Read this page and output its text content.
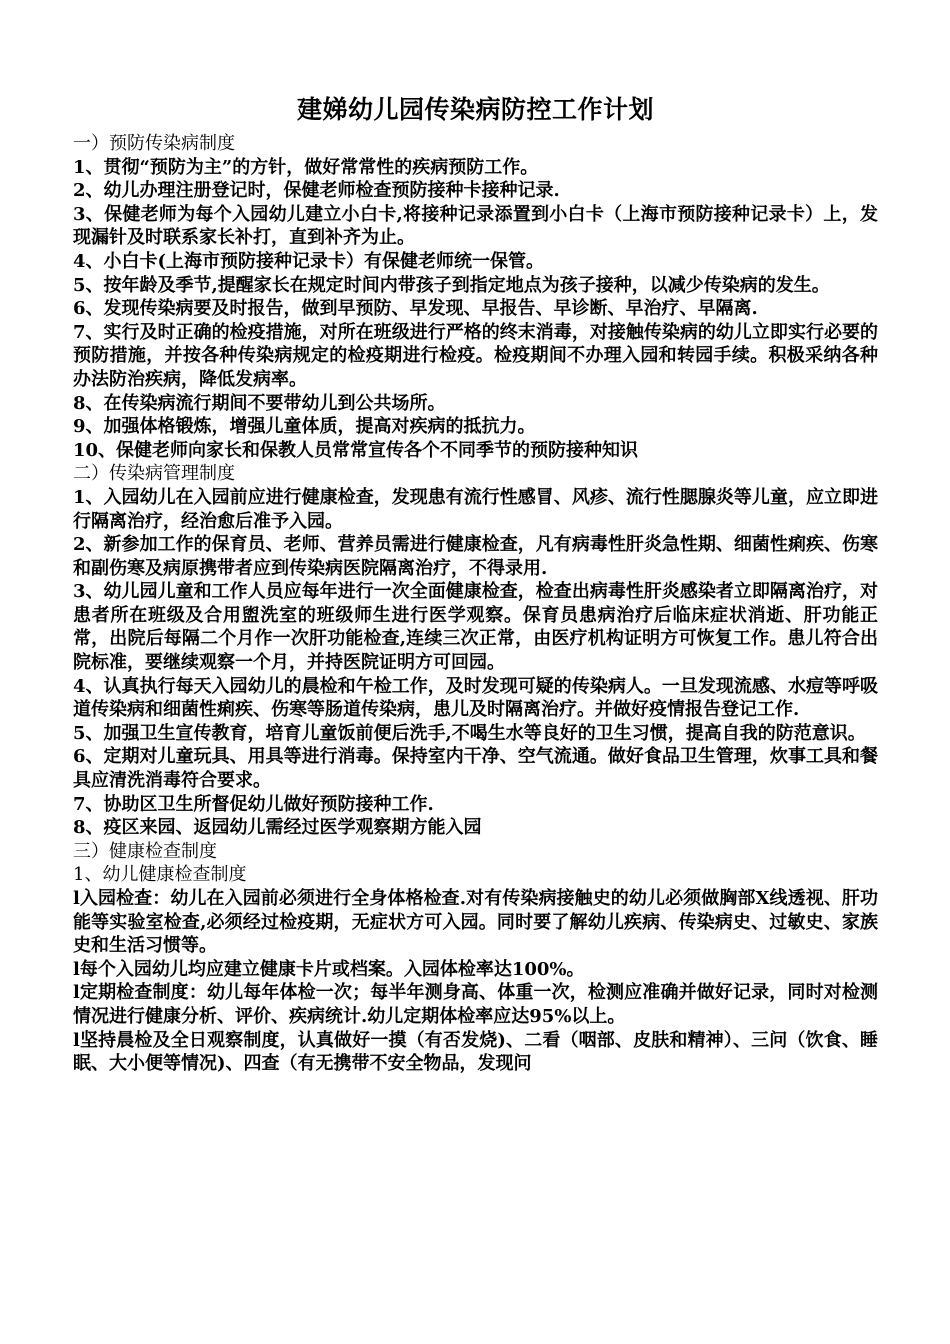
建娣幼儿园传染病防控工作计划
一）预防传染病制度
1、贯彻“预防为主”的方针，做好常常性的疾病预防工作。
2、幼儿办理注册登记时，保健老师检查预防接种卡接种记录.
3、保健老师为每个入园幼儿建立小白卡,将接种记录添置到小白卡（上海市预防接种记录卡）上，发现漏针及时联系家长补打，直到补齐为止。
4、小白卡(上海市预防接种记录卡）有保健老师统一保管。
5、按年龄及季节,提醒家长在规定时间内带孩子到指定地点为孩子接种，以减少传染病的发生。
6、发现传染病要及时报告，做到早预防、早发现、早报告、早诊断、早治疗、早隔离.
7、实行及时正确的检疫措施，对所在班级进行严格的终末消毒，对接触传染病的幼儿立即实行必要的预防措施，并按各种传染病规定的检疫期进行检疫。检疫期间不办理入园和转园手续。积极采纳各种办法防治疾病，降低发病率。
8、在传染病流行期间不要带幼儿到公共场所。
9、加强体格锻炼，增强儿童体质，提高对疾病的抵抗力。
10、保健老师向家长和保教人员常常宣传各个不同季节的预防接种知识
二）传染病管理制度
1、入园幼儿在入园前应进行健康检查，发现患有流行性感冒、风疹、流行性腮腺炎等儿童，应立即进行隔离治疗，经治愈后准予入园。
2、新参加工作的保育员、老师、营养员需进行健康检查，凡有病毒性肝炎急性期、细菌性痢疾、伤寒和副伤寒及病原携带者应到传染病医院隔离治疗，不得录用.
3、幼儿园儿童和工作人员应每年进行一次全面健康检查，检查出病毒性肝炎感染者立即隔离治疗，对患者所在班级及合用盥洗室的班级师生进行医学观察。保育员患病治疗后临床症状消逝、肝功能正常，出院后每隔二个月作一次肝功能检查,连续三次正常，由医疗机构证明方可恢复工作。患儿符合出院标准，要继续观察一个月，并持医院证明方可回园。
4、认真执行每天入园幼儿的晨检和午检工作，及时发现可疑的传染病人。一旦发现流感、水痘等呼吸道传染病和细菌性痢疾、伤寒等肠道传染病，患儿及时隔离治疗。并做好疫情报告登记工作.
5、加强卫生宣传教育，培育儿童饭前便后洗手,不喝生水等良好的卫生习惯，提高自我的防范意识。
6、定期对儿童玩具、用具等进行消毒。保持室内干净、空气流通。做好食品卫生管理，炊事工具和餐具应清洗消毒符合要求。
7、协助区卫生所督促幼儿做好预防接种工作.
8、疫区来园、返园幼儿需经过医学观察期方能入园
三）健康检查制度
1、幼儿健康检查制度
l入园检查：幼儿在入园前必须进行全身体格检查.对有传染病接触史的幼儿必须做胸部X线透视、肝功能等实验室检查,必须经过检疫期，无症状方可入园。同时要了解幼儿疾病、传染病史、过敏史、家族史和生活习惯等。
l每个入园幼儿均应建立健康卡片或档案。入园体检率达100%。
l定期检查制度：幼儿每年体检一次；每半年测身高、体重一次，检测应准确并做好记录，同时对检测情况进行健康分析、评价、疾病统计.幼儿定期体检率应达95%以上。
l坚持晨检及全日观察制度，认真做好一摸（有否发烧)、二看（咽部、皮肤和精神）、三问（饮食、睡眠、大小便等情况)、四查（有无携带不安全物品，发现问
